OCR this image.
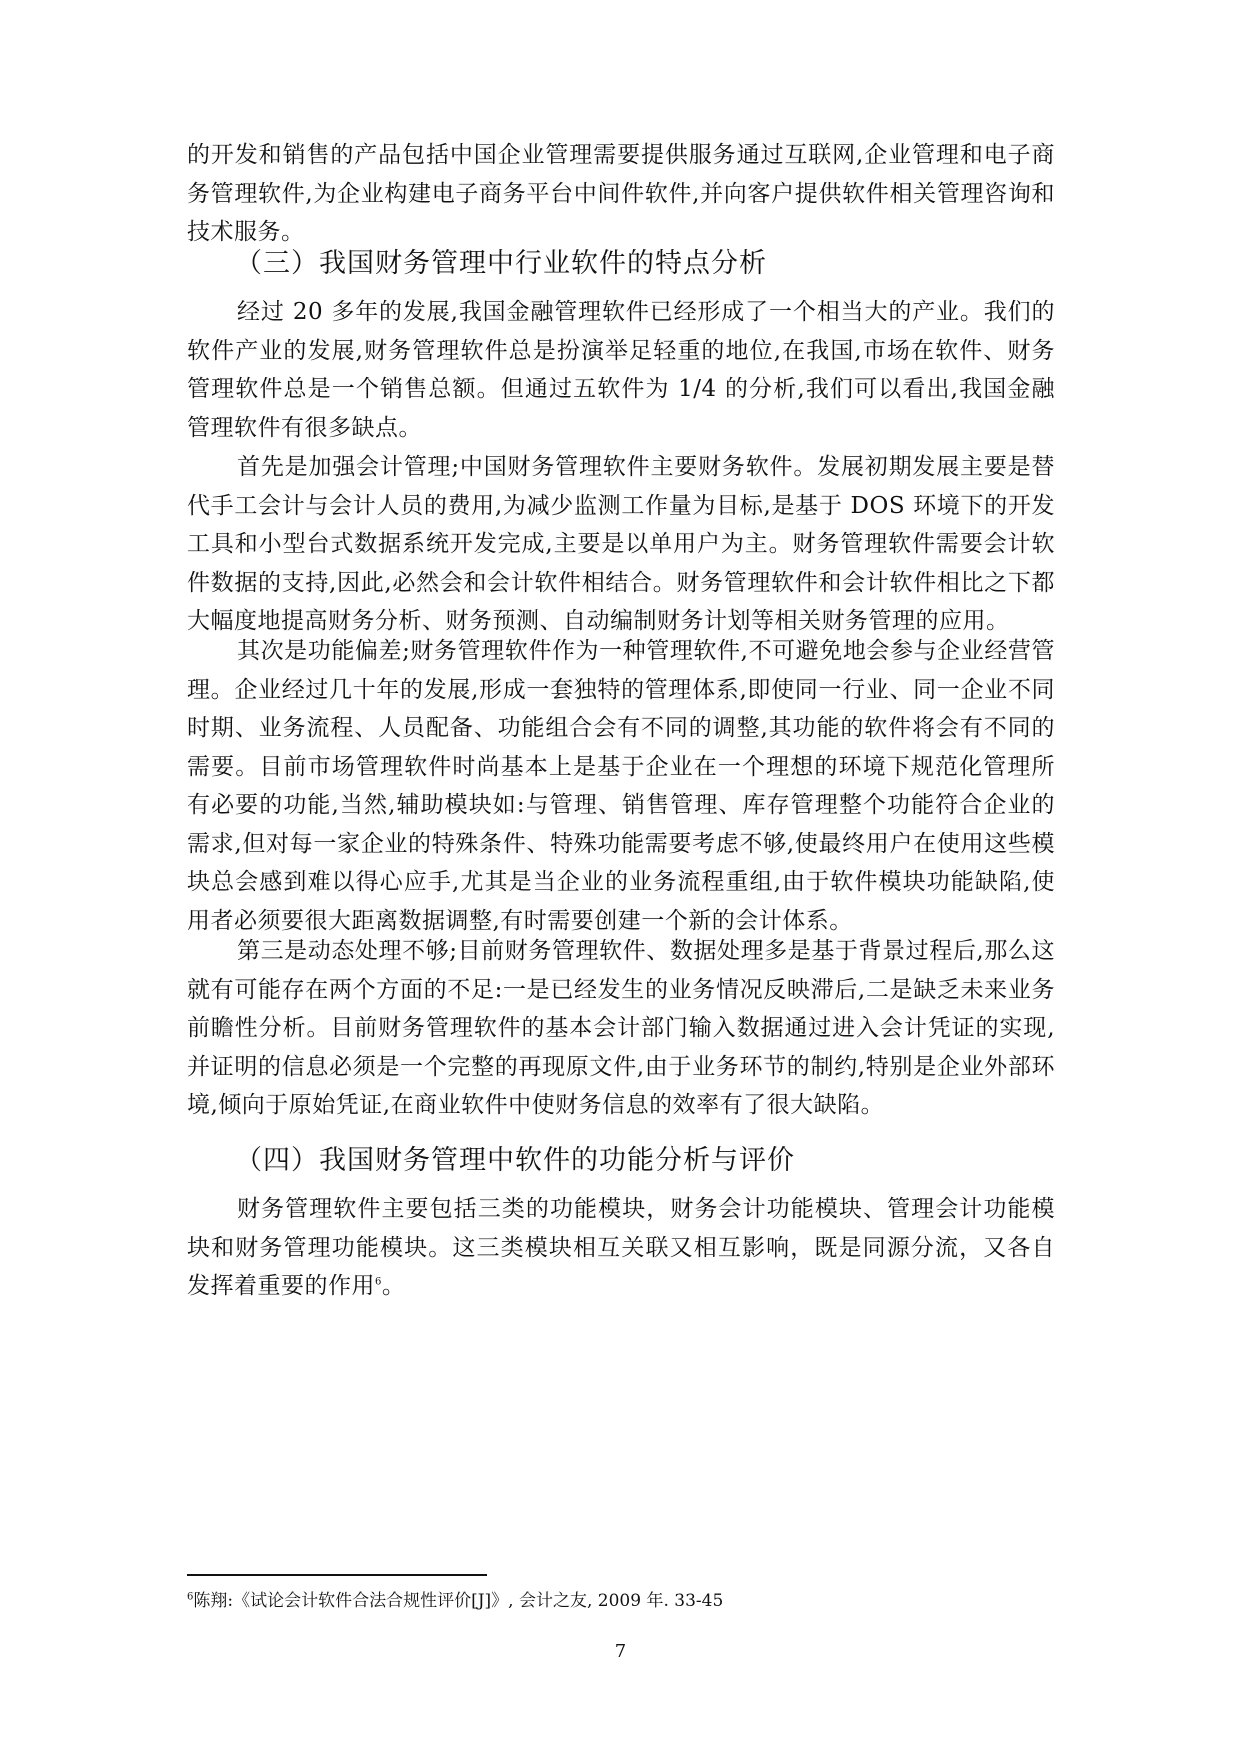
的开发和销售的产品包括中国企业管理需要提供服务通过互联网,企业管理和电子商务管理软件,为企业构建电子商务平台中间件软件,并向客户提供软件相关管理咨询和技术服务。

（三）我国财务管理中行业软件的特点分析

经过 20 多年的发展,我国金融管理软件已经形成了一个相当大的产业。我们的软件产业的发展,财务管理软件总是扮演举足轻重的地位,在我国,市场在软件、财务管理软件总是一个销售总额。但通过五软件为 1/4 的分析,我们可以看出,我国金融管理软件有很多缺点。

首先是加强会计管理;中国财务管理软件主要财务软件。发展初期发展主要是替代手工会计与会计人员的费用,为减少监测工作量为目标,是基于 DOS 环境下的开发工具和小型台式数据系统开发完成,主要是以单用户为主。财务管理软件需要会计软件数据的支持,因此,必然会和会计软件相结合。财务管理软件和会计软件相比之下都大幅度地提高财务分析、财务预测、自动编制财务计划等相关财务管理的应用。

其次是功能偏差;财务管理软件作为一种管理软件,不可避免地会参与企业经营管理。企业经过几十年的发展,形成一套独特的管理体系,即使同一行业、同一企业不同时期、业务流程、人员配备、功能组合会有不同的调整,其功能的软件将会有不同的需要。目前市场管理软件时尚基本上是基于企业在一个理想的环境下规范化管理所有必要的功能,当然,辅助模块如:与管理、销售管理、库存管理整个功能符合企业的需求,但对每一家企业的特殊条件、特殊功能需要考虑不够,使最终用户在使用这些模块总会感到难以得心应手,尤其是当企业的业务流程重组,由于软件模块功能缺陷,使用者必须要很大距离数据调整,有时需要创建一个新的会计体系。

第三是动态处理不够;目前财务管理软件、数据处理多是基于背景过程后,那么这就有可能存在两个方面的不足:一是已经发生的业务情况反映滞后,二是缺乏未来业务前瞻性分析。目前财务管理软件的基本会计部门输入数据通过进入会计凭证的实现,并证明的信息必须是一个完整的再现原文件,由于业务环节的制约,特别是企业外部环境,倾向于原始凭证,在商业软件中使财务信息的效率有了很大缺陷。

（四）我国财务管理中软件的功能分析与评价

财务管理软件主要包括三类的功能模块，财务会计功能模块、管理会计功能模块和财务管理功能模块。这三类模块相互关联又相互影响，既是同源分流，又各自发挥着重要的作用$^6$。

$^6$陈翔:《试论会计软件合法合规性评价[J]》, 会计之友, 2009 年. 33-45

7
